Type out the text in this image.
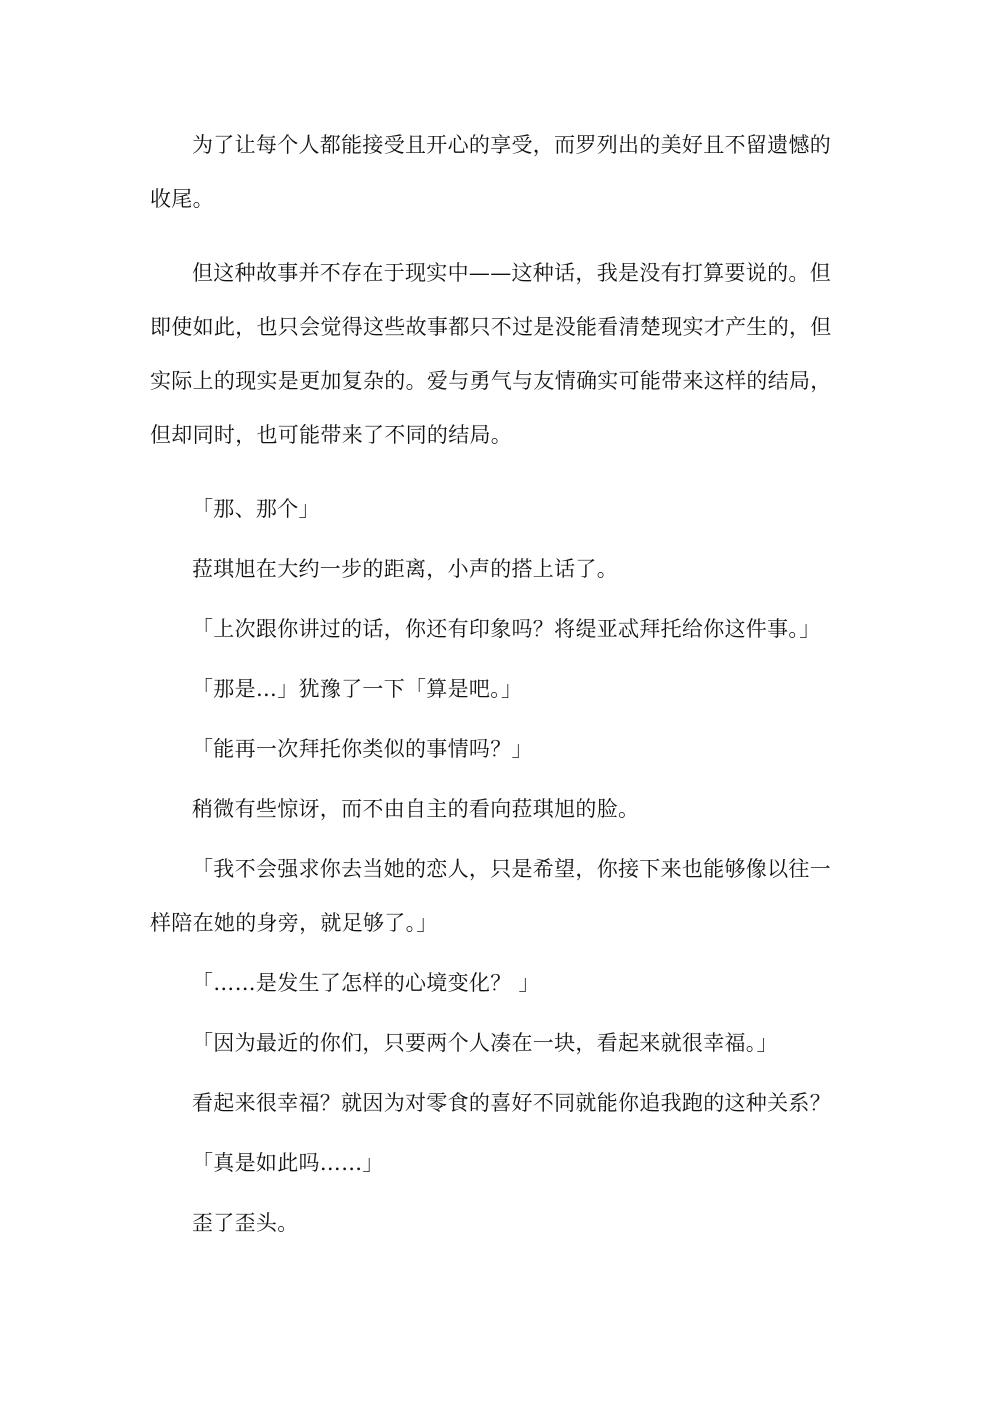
为了让每个人都能接受且开心的享受，而罗列出的美好且不留遗憾的收尾。

但这种故事并不存在于现实中——这种话，我是没有打算要说的。但即使如此，也只会觉得这些故事都只不过是没能看清楚现实才产生的，但实际上的现实是更加复杂的。爱与勇气与友情确实可能带来这样的结局，但却同时，也可能带来了不同的结局。

「那、那个」

菈琪旭在大约一步的距离，小声的搭上话了。

「上次跟你讲过的话，你还有印象吗？将缇亚忒拜托给你这件事。」

「那是…」犹豫了一下「算是吧。」

「能再一次拜托你类似的事情吗？」

稍微有些惊讶，而不由自主的看向菈琪旭的脸。

「我不会强求你去当她的恋人，只是希望，你接下来也能够像以往一样陪在她的身旁，就足够了。」

「……是发生了怎样的心境变化？ 」

「因为最近的你们，只要两个人凑在一块，看起来就很幸福。」

看起来很幸福？就因为对零食的喜好不同就能你追我跑的这种关系？

「真是如此吗……」

歪了歪头。
